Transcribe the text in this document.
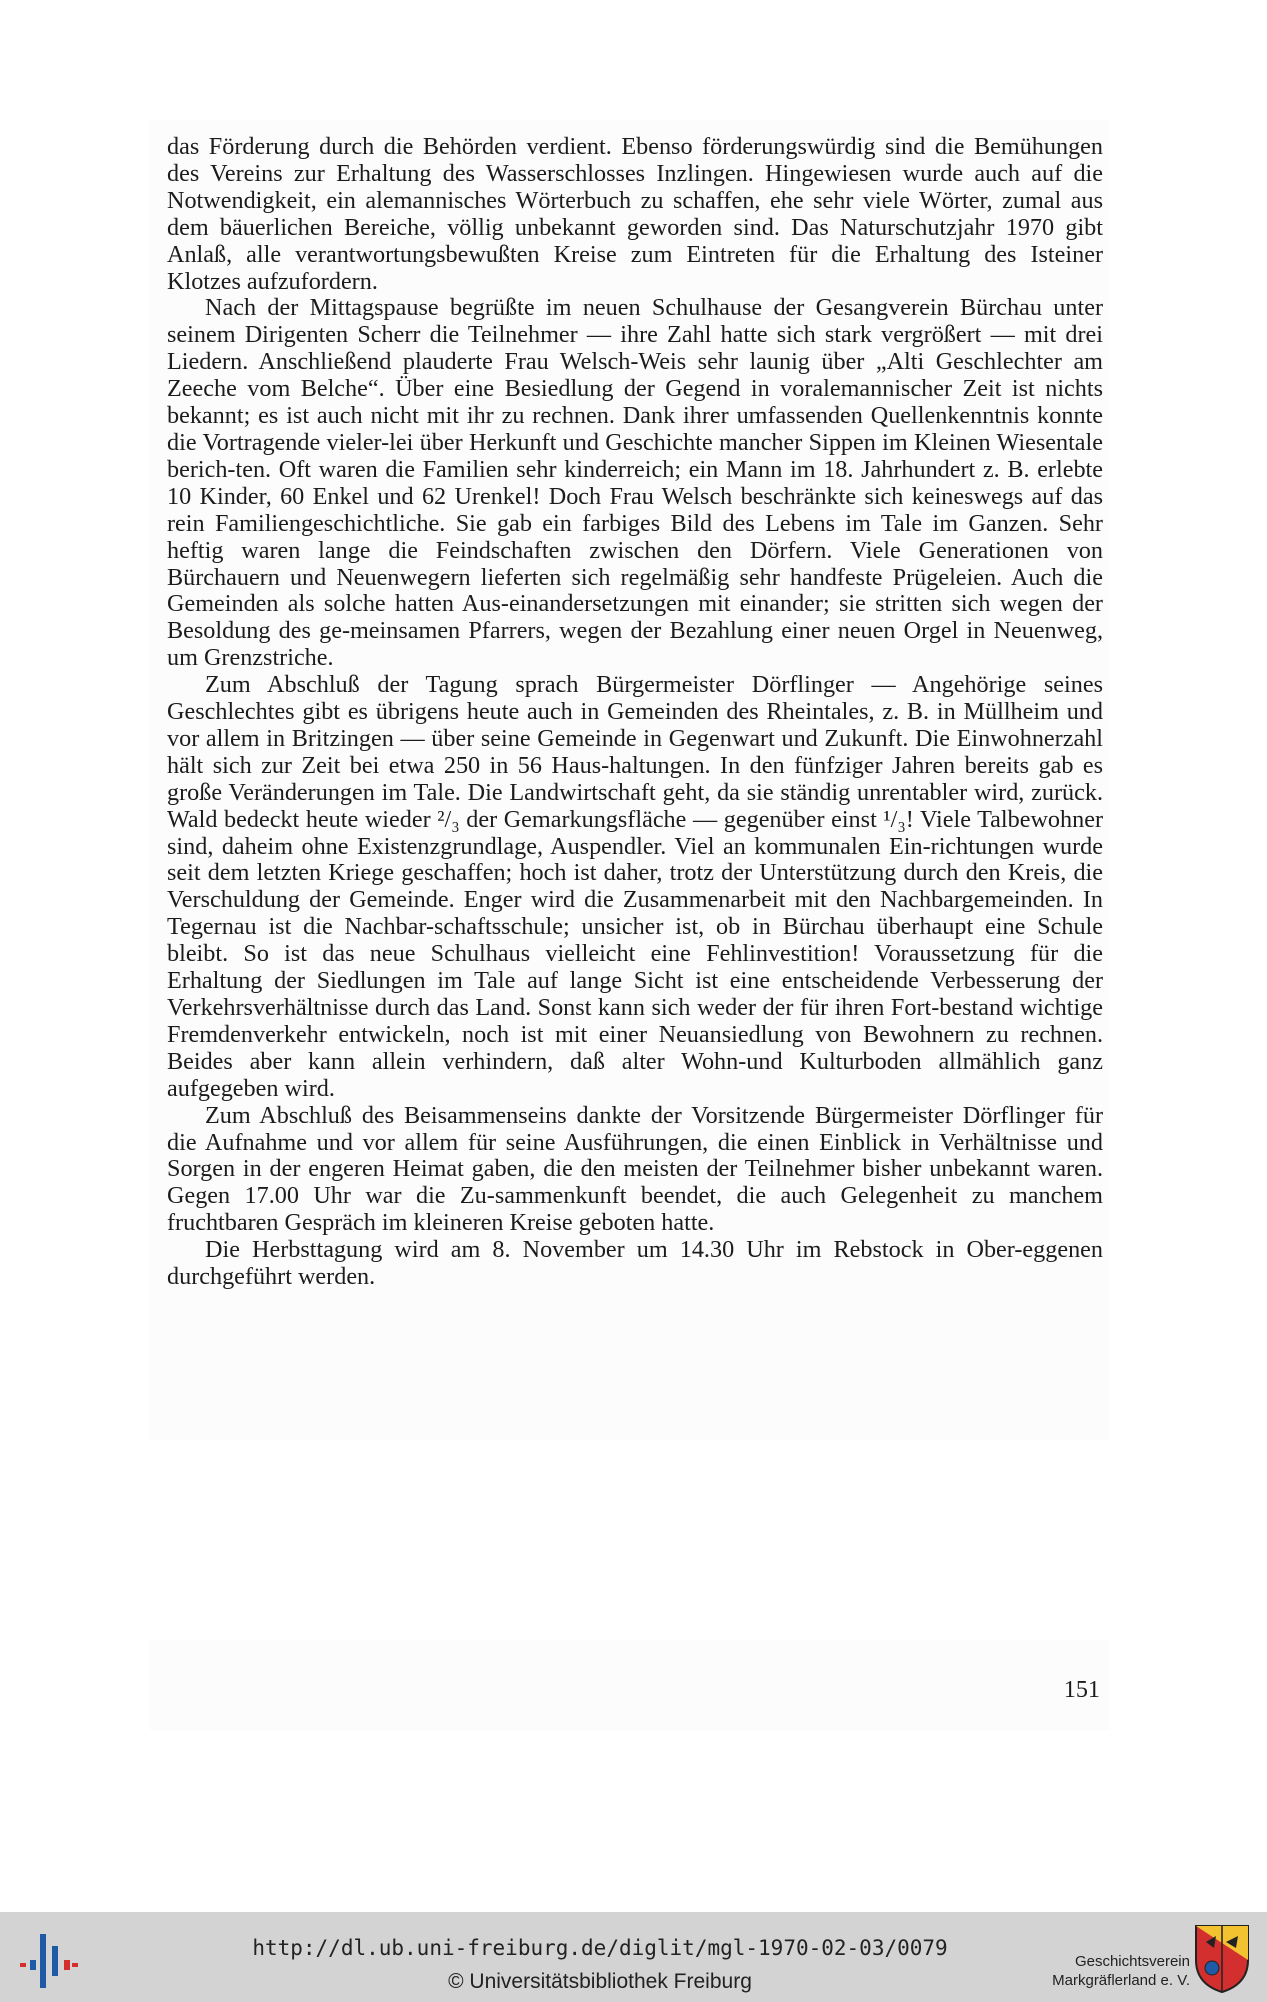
das Förderung durch die Behörden verdient. Ebenso förderungswürdig sind die Bemühungen des Vereins zur Erhaltung des Wasserschlosses Inzlingen. Hingewiesen wurde auch auf die Notwendigkeit, ein alemannisches Wörterbuch zu schaffen, ehe sehr viele Wörter, zumal aus dem bäuerlichen Bereiche, völlig unbekannt geworden sind. Das Naturschutzjahr 1970 gibt Anlaß, alle verantwortungsbewußten Kreise zum Eintreten für die Erhaltung des Isteiner Klotzes aufzufordern.

Nach der Mittagspause begrüßte im neuen Schulhause der Gesangverein Bürchau unter seinem Dirigenten Scherr die Teilnehmer — ihre Zahl hatte sich stark vergrößert — mit drei Liedern. Anschließend plauderte Frau Welsch-Weis sehr launig über „Alti Geschlechter am Zeeche vom Belche“. Über eine Besiedlung der Gegend in voralemannischer Zeit ist nichts bekannt; es ist auch nicht mit ihr zu rechnen. Dank ihrer umfassenden Quellenkenntnis konnte die Vortragende vieler-lei über Herkunft und Geschichte mancher Sippen im Kleinen Wiesentale berich-ten. Oft waren die Familien sehr kinderreich; ein Mann im 18. Jahrhundert z. B. erlebte 10 Kinder, 60 Enkel und 62 Urenkel! Doch Frau Welsch beschränkte sich keineswegs auf das rein Familiengeschichtliche. Sie gab ein farbiges Bild des Lebens im Tale im Ganzen. Sehr heftig waren lange die Feindschaften zwischen den Dörfern. Viele Generationen von Bürchauern und Neuenwegern lieferten sich regelmäßig sehr handfeste Prügeleien. Auch die Gemeinden als solche hatten Aus-einandersetzungen mit einander; sie stritten sich wegen der Besoldung des ge-meinsamen Pfarrers, wegen der Bezahlung einer neuen Orgel in Neuenweg, um Grenzstriche.

Zum Abschluß der Tagung sprach Bürgermeister Dörflinger — Angehörige seines Geschlechtes gibt es übrigens heute auch in Gemeinden des Rheintales, z. B. in Müllheim und vor allem in Britzingen — über seine Gemeinde in Gegenwart und Zukunft. Die Einwohnerzahl hält sich zur Zeit bei etwa 250 in 56 Haus-haltungen. In den fünfziger Jahren bereits gab es große Veränderungen im Tale. Die Landwirtschaft geht, da sie ständig unrentabler wird, zurück. Wald bedeckt heute wieder ²/₃ der Gemarkungsfläche — gegenüber einst ¹/₃! Viele Talbewohner sind, daheim ohne Existenzgrundlage, Auspendler. Viel an kommunalen Ein-richtungen wurde seit dem letzten Kriege geschaffen; hoch ist daher, trotz der Unterstützung durch den Kreis, die Verschuldung der Gemeinde. Enger wird die Zusammenarbeit mit den Nachbargemeinden. In Tegernau ist die Nachbar-schaftsschule; unsicher ist, ob in Bürchau überhaupt eine Schule bleibt. So ist das neue Schulhaus vielleicht eine Fehlinvestition! Voraussetzung für die Erhaltung der Siedlungen im Tale auf lange Sicht ist eine entscheidende Verbesserung der Verkehrsverhältnisse durch das Land. Sonst kann sich weder der für ihren Fort-bestand wichtige Fremdenverkehr entwickeln, noch ist mit einer Neuansiedlung von Bewohnern zu rechnen. Beides aber kann allein verhindern, daß alter Wohn-und Kulturboden allmählich ganz aufgegeben wird.

Zum Abschluß des Beisammenseins dankte der Vorsitzende Bürgermeister Dörflinger für die Aufnahme und vor allem für seine Ausführungen, die einen Einblick in Verhältnisse und Sorgen in der engeren Heimat gaben, die den meisten der Teilnehmer bisher unbekannt waren. Gegen 17.00 Uhr war die Zu-sammenkunft beendet, die auch Gelegenheit zu manchem fruchtbaren Gespräch im kleineren Kreise geboten hatte.

Die Herbsttagung wird am 8. November um 14.30 Uhr im Rebstock in Ober-eggenen durchgeführt werden.

151
http://dl.ub.uni-freiburg.de/diglit/mgl-1970-02-03/0079
© Universitätsbibliothek Freiburg
Geschichtsverein
Markgräflerland e. V.
